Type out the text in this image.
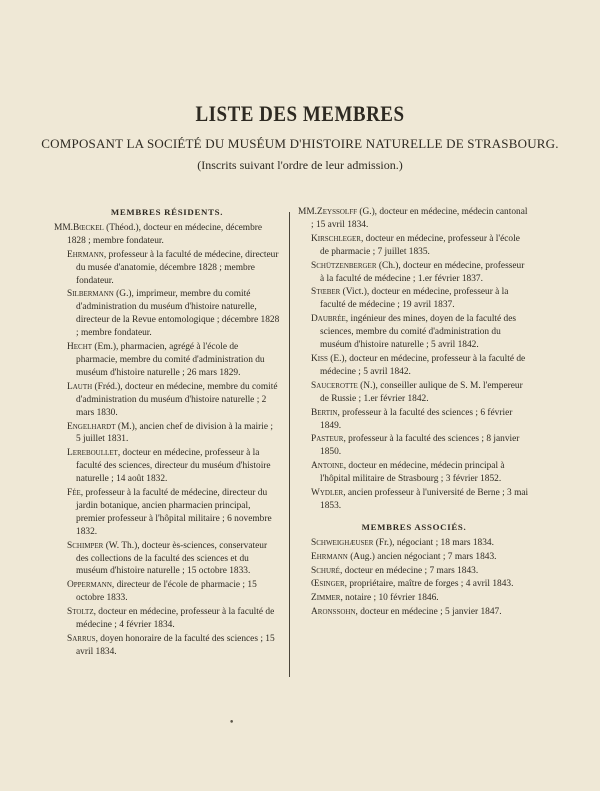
LISTE DES MEMBRES
COMPOSANT LA SOCIÉTÉ DU MUSÉUM D'HISTOIRE NATURELLE DE STRASBOURG.
(Inscrits suivant l'ordre de leur admission.)
MEMBRES RÉSIDENTS.
MM.Bœckel (Théod.), docteur en médecine, décembre 1828 ; membre fondateur.
Ehrmann, professeur à la faculté de médecine, directeur du musée d'anatomie, décembre 1828 ; membre fondateur.
Silbermann (G.), imprimeur, membre du comité d'administration du muséum d'histoire naturelle, directeur de la Revue entomologique ; décembre 1828 ; membre fondateur.
Hecht (Em.), pharmacien, agrégé à l'école de pharmacie, membre du comité d'administration du muséum d'histoire naturelle ; 26 mars 1829.
Lauth (Fréd.), docteur en médecine, membre du comité d'administration du muséum d'histoire naturelle ; 2 mars 1830.
Engelhardt (M.), ancien chef de division à la mairie ; 5 juillet 1831.
Lereboullet, docteur en médecine, professeur à la faculté des sciences, directeur du muséum d'histoire naturelle ; 14 août 1832.
Fée, professeur à la faculté de médecine, directeur du jardin botanique, ancien pharmacien principal, premier professeur à l'hôpital militaire ; 6 novembre 1832.
Schimper (W. Th.), docteur ès-sciences, conservateur des collections de la faculté des sciences et du muséum d'histoire naturelle ; 15 octobre 1833.
Oppermann, directeur de l'école de pharmacie ; 15 octobre 1833.
Stoltz, docteur en médecine, professeur à la faculté de médecine ; 4 février 1834.
Sarrus, doyen honoraire de la faculté des sciences ; 15 avril 1834.
MM.Zeyssolff (G.), docteur en médecine, médecin cantonal ; 15 avril 1834.
Kirschleger, docteur en médecine, professeur à l'école de pharmacie ; 7 juillet 1835.
Schützenberger (Ch.), docteur en médecine, professeur à la faculté de médecine ; 1.er février 1837.
Stœber (Vict.), docteur en médecine, professeur à la faculté de médecine ; 19 avril 1837.
Daubrée, ingénieur des mines, doyen de la faculté des sciences, membre du comité d'administration du muséum d'histoire naturelle ; 5 avril 1842.
Kiss (E.), docteur en médecine, professeur à la faculté de médecine ; 5 avril 1842.
Saucerotte (N.), conseiller aulique de S. M. l'empereur de Russie ; 1.er février 1842.
Bertin, professeur à la faculté des sciences ; 6 février 1849.
Pasteur, professeur à la faculté des sciences ; 8 janvier 1850.
Antoine, docteur en médecine, médecin principal à l'hôpital militaire de Strasbourg ; 3 février 1852.
Wydler, ancien professeur à l'université de Berne ; 3 mai 1853.
MEMBRES ASSOCIÉS.
Schweighæuser (Fr.), négociant ; 18 mars 1834.
Ehrmann (Aug.) ancien négociant ; 7 mars 1843.
Schuré, docteur en médecine ; 7 mars 1843.
Œsinger, propriétaire, maître de forges ; 4 avril 1843.
Zimmer, notaire ; 10 février 1846.
Aronssohn, docteur en médecine ; 5 janvier 1847.
•
